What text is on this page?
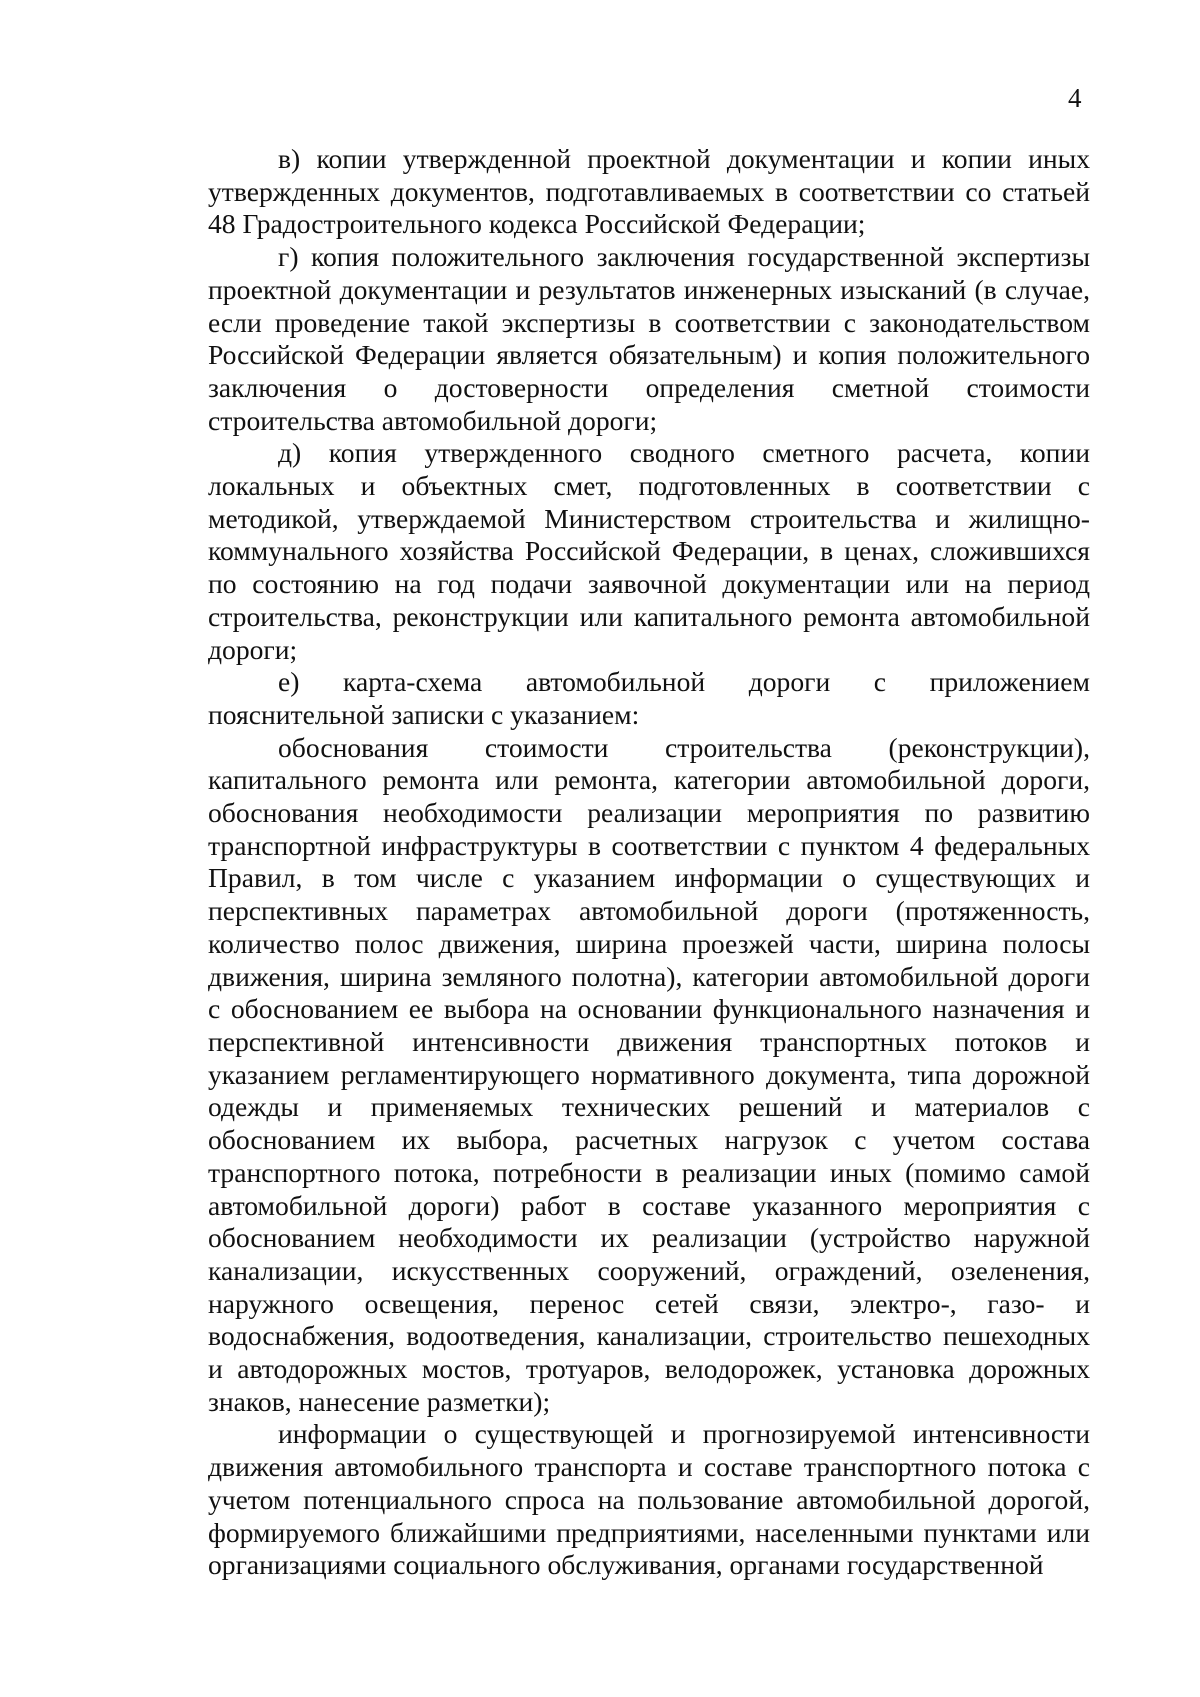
4

в) копии утвержденной проектной документации и копии иных утвержденных документов, подготавливаемых в соответствии со статьей 48 Градостроительного кодекса Российской Федерации;

г) копия положительного заключения государственной экспертизы проектной документации и результатов инженерных изысканий (в случае, если проведение такой экспертизы в соответствии с законодательством Российской Федерации является обязательным) и копия положительного заключения о достоверности определения сметной стоимости строительства автомобильной дороги;

д) копия утвержденного сводного сметного расчета, копии локальных и объектных смет, подготовленных в соответствии с методикой, утверждаемой Министерством строительства и жилищно-коммунального хозяйства Российской Федерации, в ценах, сложившихся по состоянию на год подачи заявочной документации или на период строительства, реконструкции или капитального ремонта автомобильной дороги;

е) карта-схема автомобильной дороги с приложением пояснительной записки с указанием:

обоснования стоимости строительства (реконструкции), капитального ремонта или ремонта, категории автомобильной дороги, обоснования необходимости реализации мероприятия по развитию транспортной инфраструктуры в соответствии с пунктом 4 федеральных Правил, в том числе с указанием информации о существующих и перспективных параметрах автомобильной дороги (протяженность, количество полос движения, ширина проезжей части, ширина полосы движения, ширина земляного полотна), категории автомобильной дороги с обоснованием ее выбора на основании функционального назначения и перспективной интенсивности движения транспортных потоков и указанием регламентирующего нормативного документа, типа дорожной одежды и применяемых технических решений и материалов с обоснованием их выбора, расчетных нагрузок с учетом состава транспортного потока, потребности в реализации иных (помимо самой автомобильной дороги) работ в составе указанного мероприятия с обоснованием необходимости их реализации (устройство наружной канализации, искусственных сооружений, ограждений, озеленения, наружного освещения, перенос сетей связи, электро-, газо- и водоснабжения, водоотведения, канализации, строительство пешеходных и автодорожных мостов, тротуаров, велодорожек, установка дорожных знаков, нанесение разметки);

информации о существующей и прогнозируемой интенсивности движения автомобильного транспорта и составе транспортного потока с учетом потенциального спроса на пользование автомобильной дорогой, формируемого ближайшими предприятиями, населенными пунктами или организациями социального обслуживания, органами государственной
